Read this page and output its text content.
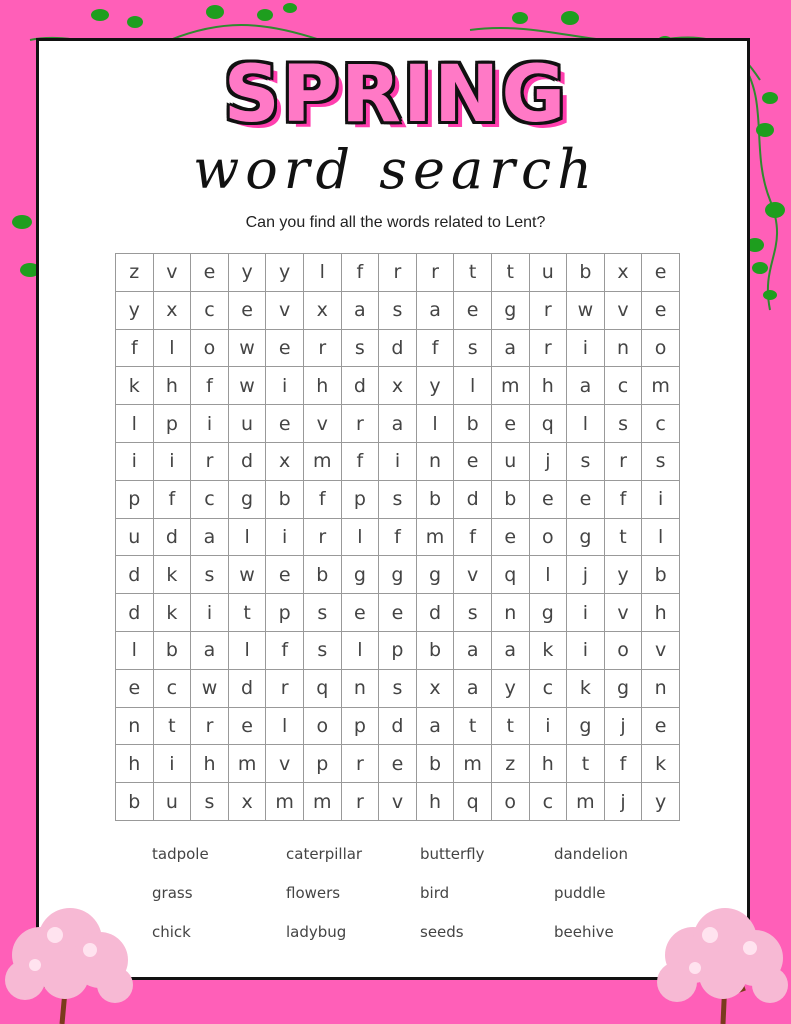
SPRING
word search
Can you find all the words related to Lent?
z	v	e	y	y	l	f	r	r	t	t	u	b	x	e
y	x	c	e	v	x	a	s	a	e	g	r	w	v	e
f	l	o	w	e	r	s	d	f	s	a	r	i	n	o
k	h	f	w	i	h	d	x	y	l	m	h	a	c	m
l	p	i	u	e	v	r	a	l	b	e	q	l	s	c
i	i	r	d	x	m	f	i	n	e	u	j	s	r	s
p	f	c	g	b	f	p	s	b	d	b	e	e	f	i
u	d	a	l	i	r	l	f	m	f	e	o	g	t	l
d	k	s	w	e	b	g	g	g	v	q	l	j	y	b
d	k	i	t	p	s	e	e	d	s	n	g	i	v	h
l	b	a	l	f	s	l	p	b	a	a	k	i	o	v
e	c	w	d	r	q	n	s	x	a	y	c	k	g	n
n	t	r	e	l	o	p	d	a	t	t	i	g	j	e
h	i	h	m	v	p	r	e	b	m	z	h	t	f	k
b	u	s	x	m	m	r	v	h	q	o	c	m	j	y
tadpole	caterpillar	butterfly	dandelion
grass	flowers	bird	puddle
chick	ladybug	seeds	beehive
